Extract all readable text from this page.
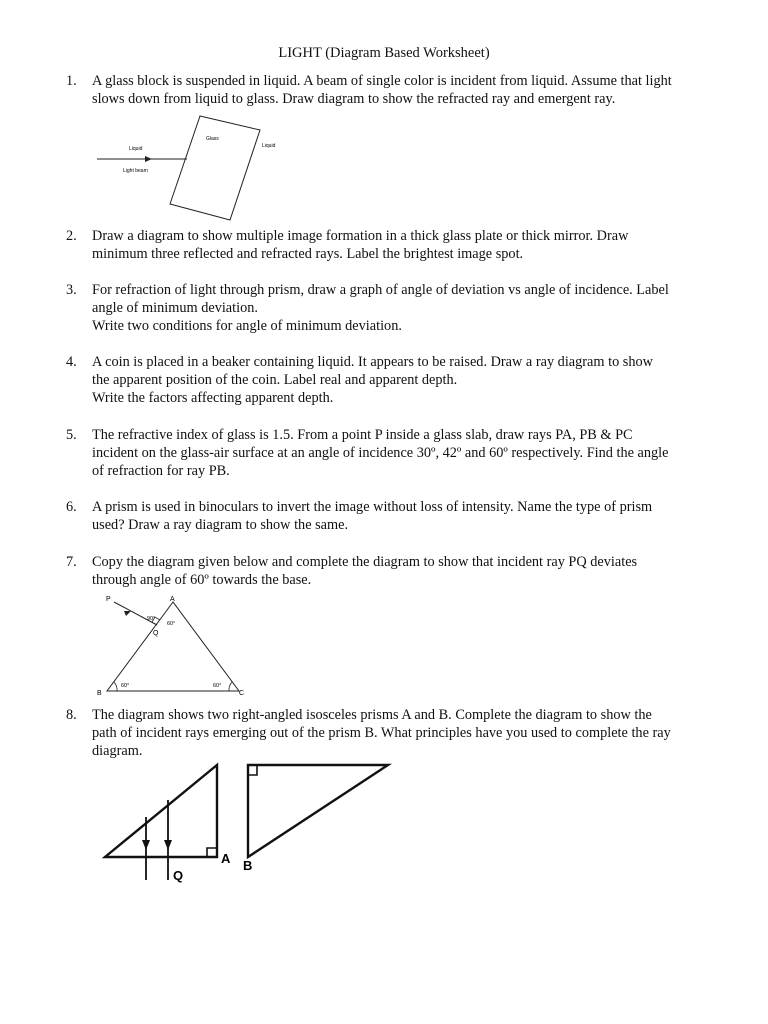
LIGHT (Diagram Based Worksheet)
1.	A glass block is suspended in liquid. A beam of single color is incident from liquid. Assume that light
slows down from liquid to glass. Draw diagram to show the refracted ray and emergent ray.
Glass
Liquid	Liquid
Light beam
2.	Draw a diagram to show multiple image formation in a thick glass plate or thick mirror. Draw
minimum three reflected and refracted rays. Label the brightest image spot.
3.	For refraction of light through prism, draw a graph of angle of deviation vs angle of incidence. Label
angle of minimum deviation.
Write two conditions for angle of minimum deviation.
4.	A coin is placed in a beaker containing liquid. It appears to be raised. Draw a ray diagram to show
the apparent position of the coin. Label real and apparent depth.
Write the factors affecting apparent depth.
5.	The refractive index of glass is 1.5. From a point P inside a glass slab, draw rays PA, PB & PC
incident on the glass-air surface at an angle of incidence 30º, 42º and 60º respectively. Find the angle
of refraction for ray PB.
6.	A prism is used in binoculars to invert the image without loss of intensity. Name the type of prism
used? Draw a ray diagram to show the same.
7.	Copy the diagram given below and complete the diagram to show that incident ray PQ deviates
through angle of 60º towards the base.
P	A
B	C
Q
90°
60°
60°	60°
8.	The diagram shows two right-angled isosceles prisms A and B. Complete the diagram to show the
path of incident rays emerging out of the prism B. What principles have you used to complete the ray
diagram.
A B
Q
